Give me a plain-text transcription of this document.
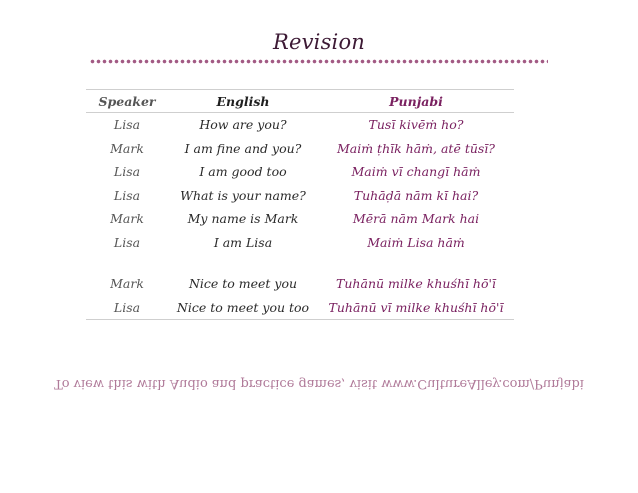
Revision
Speaker	English	Punjabi
Lisa	How are you?	Tusī kivēṁ ho?
Mark	I am fine and you?	Maiṁ ṭhīk hāṁ, atē tūsī?
Lisa	I am good too	Maiṁ vī changī hāṁ
Lisa	What is your name?	Tuhāḍā nām kī hai?
Mark	My name is Mark	Mērā nām Mark hai
Lisa	I am Lisa	Maiṁ Lisa hāṁ

Mark	Nice to meet you	Tuhānū milke khuśhī hō'ī
Lisa	Nice to meet you too	Tuhānū vī milke khuśhī hō'ī
To view this with Audio and practice games, visit www.CultureAlley.com/Punjabi
